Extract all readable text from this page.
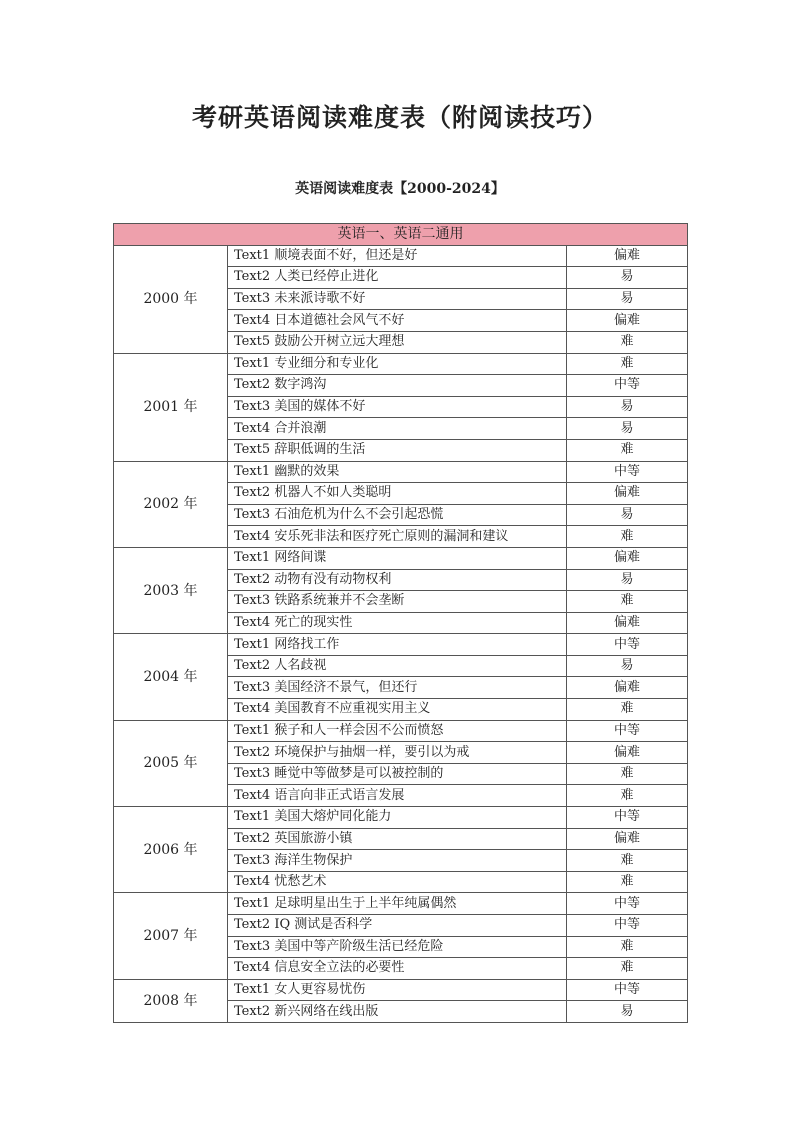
考研英语阅读难度表（附阅读技巧）
英语阅读难度表【2000-2024】
英语一、英语二通用		
2000 年	Text1 顺境表面不好，但还是好	偏难
	Text2 人类已经停止进化	易
	Text3 未来派诗歌不好	易
	Text4 日本道德社会风气不好	偏难
	Text5 鼓励公开树立远大理想	难
2001 年	Text1 专业细分和专业化	难
	Text2 数字鸿沟	中等
	Text3 美国的媒体不好	易
	Text4 合并浪潮	易
	Text5 辞职低调的生活	难
2002 年	Text1 幽默的效果	中等
	Text2 机器人不如人类聪明	偏难
	Text3 石油危机为什么不会引起恐慌	易
	Text4 安乐死非法和医疗死亡原则的漏洞和建议	难
2003 年	Text1 网络间谍	偏难
	Text2 动物有没有动物权利	易
	Text3 铁路系统兼并不会垄断	难
	Text4 死亡的现实性	偏难
2004 年	Text1 网络找工作	中等
	Text2 人名歧视	易
	Text3 美国经济不景气，但还行	偏难
	Text4 美国教育不应重视实用主义	难
2005 年	Text1 猴子和人一样会因不公而愤怒	中等
	Text2 环境保护与抽烟一样，要引以为戒	偏难
	Text3 睡觉中等做梦是可以被控制的	难
	Text4 语言向非正式语言发展	难
2006 年	Text1 美国大熔炉同化能力	中等
	Text2 英国旅游小镇	偏难
	Text3 海洋生物保护	难
	Text4 忧愁艺术	难
2007 年	Text1 足球明星出生于上半年纯属偶然	中等
	Text2 IQ 测试是否科学	中等
	Text3 美国中等产阶级生活已经危险	难
	Text4 信息安全立法的必要性	难
2008 年	Text1 女人更容易忧伤	中等
	Text2 新兴网络在线出版	易
